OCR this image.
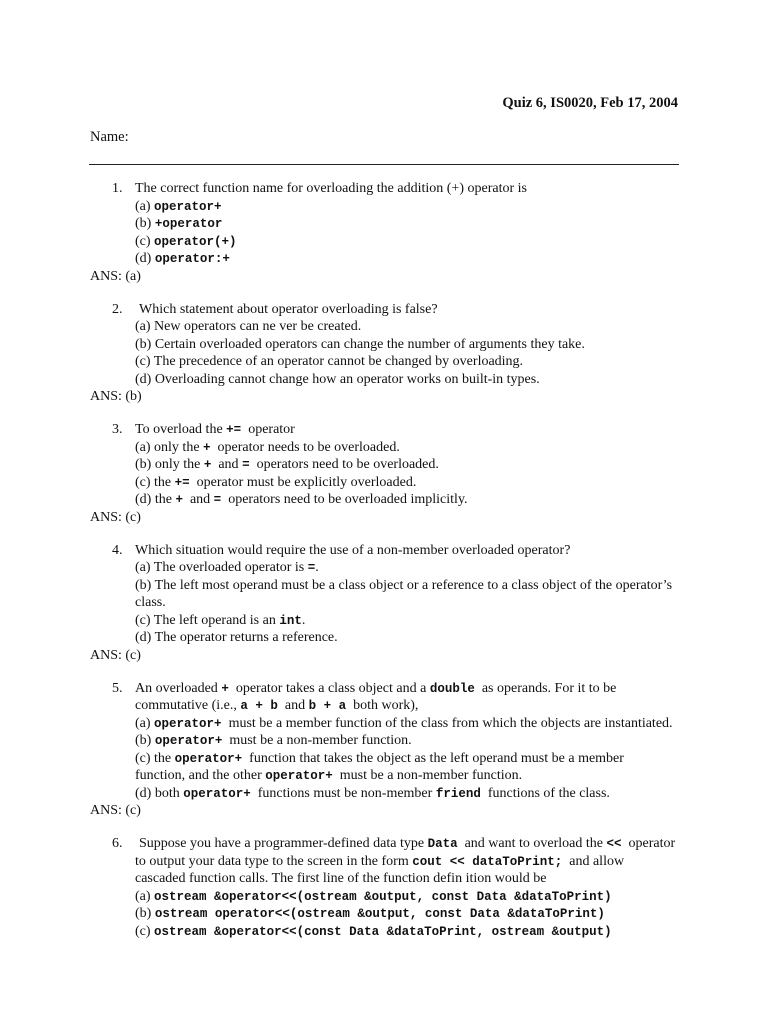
Quiz 6, IS0020, Feb 17, 2004
Name:
1. The correct function name for overloading the addition (+) operator is
(a) operator+
(b) +operator
(c) operator(+)
(d) operator:+
ANS: (a)
2. Which statement about operator overloading is false?
(a) New operators can ne ver be created.
(b) Certain overloaded operators can change the number of arguments they take.
(c) The precedence of an operator cannot be changed by overloading.
(d) Overloading cannot change how an operator works on built-in types.
ANS: (b)
3. To overload the += operator
(a) only the + operator needs to be overloaded.
(b) only the + and = operators need to be overloaded.
(c) the += operator must be explicitly overloaded.
(d) the + and = operators need to be overloaded implicitly.
ANS: (c)
4. Which situation would require the use of a non-member overloaded operator?
(a) The overloaded operator is =.
(b) The left most operand must be a class object or a reference to a class object of the operator’s
class.
(c) The left operand is an int.
(d) The operator returns a reference.
ANS: (c)
5. An overloaded + operator takes a class object and a double as operands. For it to be
commutative (i.e., a + b and b + a both work),
(a) operator+ must be a member function of the class from which the objects are instantiated.
(b) operator+ must be a non-member function.
(c) the operator+ function that takes the object as the left operand must be a member
function, and the other operator+ must be a non-member function.
(d) both operator+ functions must be non-member friend functions of the class.
ANS: (c)
6. Suppose you have a programmer-defined data type Data and want to overload the << operator
to output your data type to the screen in the form cout << dataToPrint; and allow
cascaded function calls. The first line of the function defin ition would be
(a) ostream &operator<<(ostream &output, const Data &dataToPrint)
(b) ostream operator<<(ostream &output, const Data &dataToPrint)
(c) ostream &operator<<(const Data &dataToPrint, ostream &output)
